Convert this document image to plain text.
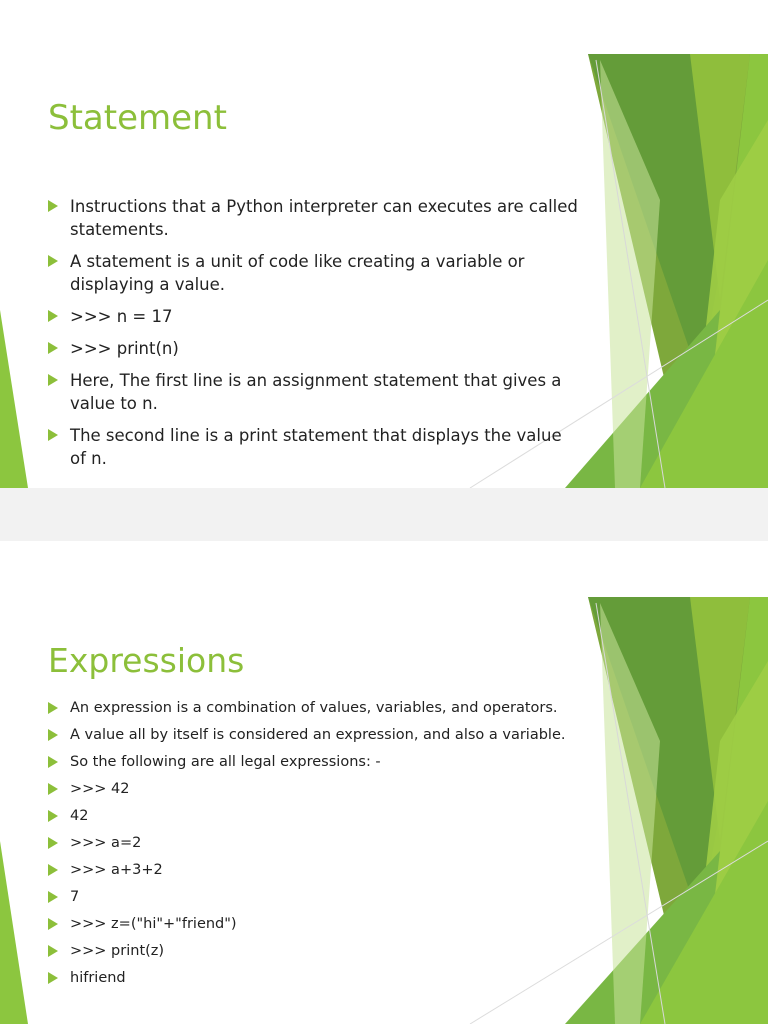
Statement
Instructions that a Python interpreter can executes are called statements.
A statement is a unit of code like creating a variable or displaying a value.
>>> n = 17
>>> print(n)
Here, The first line is an assignment statement that gives a value to n.
The second line is a print statement that displays the value of n.
Expressions
An expression is a combination of values, variables, and operators.
A value all by itself is considered an expression, and also a variable.
So the following are all legal expressions: -
>>> 42
42
>>> a=2
>>> a+3+2
7
>>> z=("hi"+"friend")
>>> print(z)
hifriend
